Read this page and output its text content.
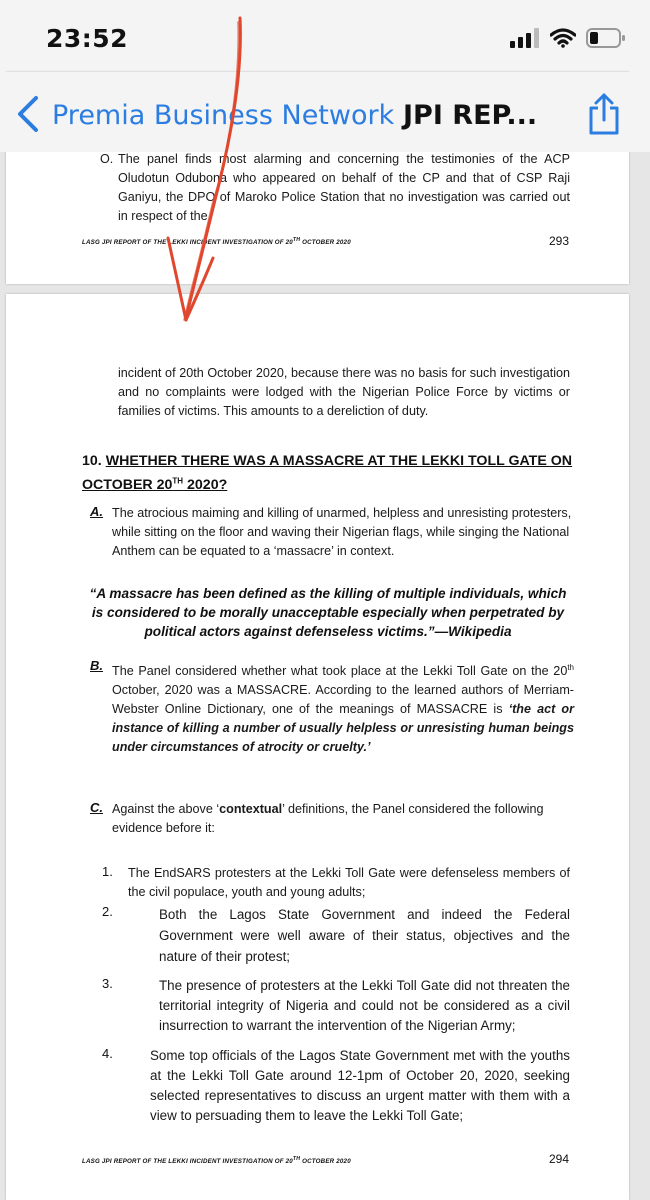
23:52
O. The panel finds most alarming and concerning the testimonies of the ACP Oludotun Odubona who appeared on behalf of the CP and that of CSP Raji Ganiyu, the DPO of Maroko Police Station that no investigation was carried out in respect of the
LASG JPI REPORT OF THE LEKKI INCIDENT INVESTIGATION OF 20TH OCTOBER 2020	293
Premia Business Network JPI REP...
incident of 20th October 2020, because there was no basis for such investigation and no complaints were lodged with the Nigerian Police Force by victims or families of victims. This amounts to a dereliction of duty.
10. WHETHER THERE WAS A MASSACRE AT THE LEKKI TOLL GATE ON
OCTOBER 20TH 2020?
A. The atrocious maiming and killing of unarmed, helpless and unresisting protesters, while sitting on the floor and waving their Nigerian flags, while singing the National Anthem can be equated to a ‘massacre’ in context.
“A massacre has been defined as the killing of multiple individuals, which is considered to be morally unacceptable especially when perpetrated by political actors against defenseless victims.”—Wikipedia
B. The Panel considered whether what took place at the Lekki Toll Gate on the 20th October, 2020 was a MASSACRE. According to the learned authors of Merriam-Webster Online Dictionary, one of the meanings of MASSACRE is ‘the act or instance of killing a number of usually helpless or unresisting human beings under circumstances of atrocity or cruelty.’
C. Against the above ‘contextual’ definitions, the Panel considered the following evidence before it:
1. The EndSARS protesters at the Lekki Toll Gate were defenseless members of the civil populace, youth and young adults;
2.	Both the Lagos State Government and indeed the Federal Government were well aware of their status, objectives and the nature of their protest;
3.	The presence of protesters at the Lekki Toll Gate did not threaten the territorial integrity of Nigeria and could not be considered as a civil insurrection to warrant the intervention of the Nigerian Army;
4.	Some top officials of the Lagos State Government met with the youths at the Lekki Toll Gate around 12-1pm of October 20, 2020, seeking selected representatives to discuss an urgent matter with them with a view to persuading them to leave the Lekki Toll Gate;
LASG JPI REPORT OF THE LEKKI INCIDENT INVESTIGATION OF 20TH OCTOBER 2020	294
